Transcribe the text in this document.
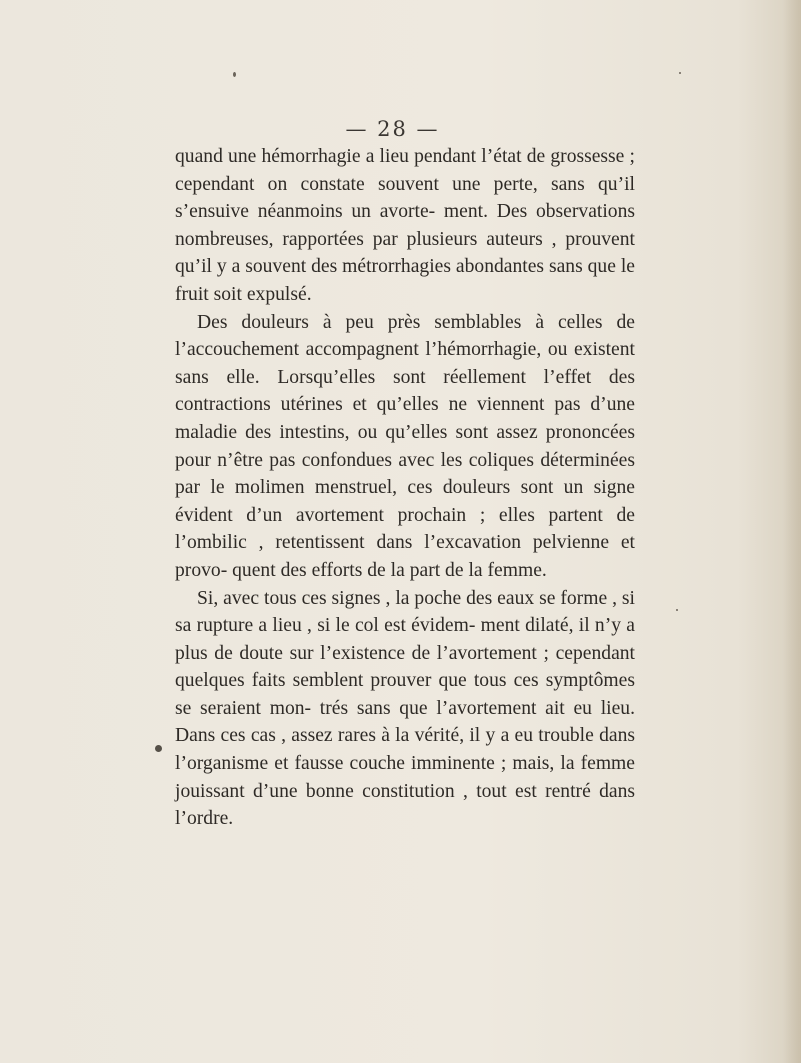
— 28 —

quand une hémorrhagie a lieu pendant l’état de grossesse ; cependant on constate souvent une perte, sans qu’il s’ensuive néanmoins un avorte- ment. Des observations nombreuses, rapportées par plusieurs auteurs , prouvent qu’il y a souvent des métrorrhagies abondantes sans que le fruit soit expulsé.

Des douleurs à peu près semblables à celles de l’accouchement accompagnent l’hémorrhagie, ou existent sans elle. Lorsqu’elles sont réellement l’effet des contractions utérines et qu’elles ne viennent pas d’une maladie des intestins, ou qu’elles sont assez prononcées pour n’être pas confondues avec les coliques déterminées par le molimen menstruel, ces douleurs sont un signe évident d’un avortement prochain ; elles partent de l’ombilic , retentissent dans l’excavation pelvienne et provo- quent des efforts de la part de la femme.

Si, avec tous ces signes , la poche des eaux se forme , si sa rupture a lieu , si le col est évidem- ment dilaté, il n’y a plus de doute sur l’existence de l’avortement ; cependant quelques faits semblent prouver que tous ces symptômes se seraient mon- trés sans que l’avortement ait eu lieu. Dans ces cas , assez rares à la vérité, il y a eu trouble dans l’organisme et fausse couche imminente ; mais, la femme jouissant d’une bonne constitution , tout est rentré dans l’ordre.
